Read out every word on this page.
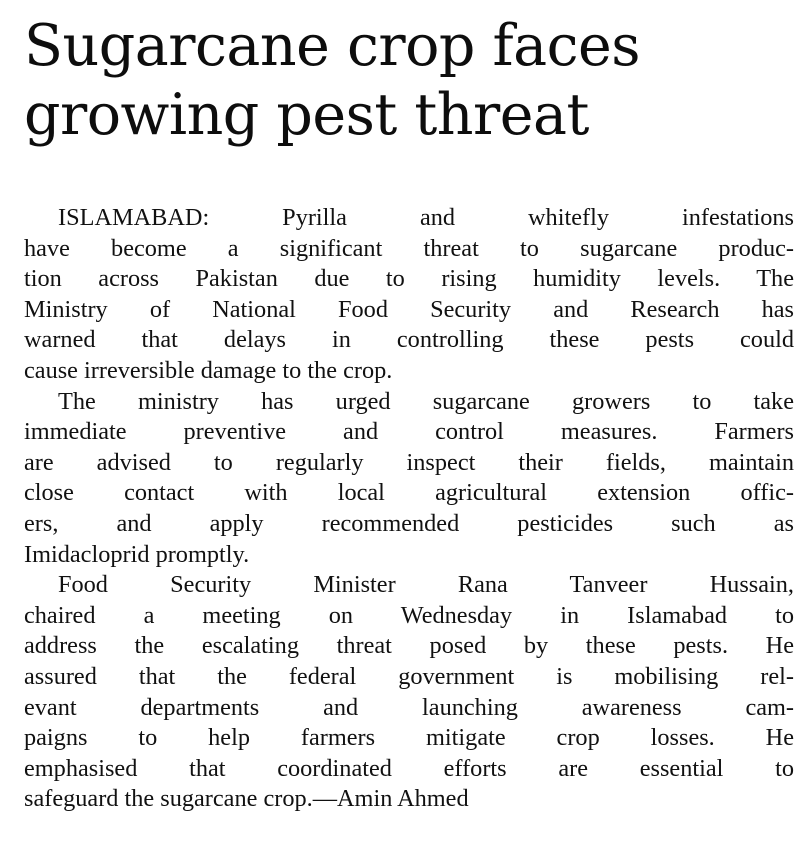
Sugarcane crop faces
growing pest threat
ISLAMABAD: Pyrilla and whitefly infestations
have become a significant threat to sugarcane produc-
tion across Pakistan due to rising humidity levels. The
Ministry of National Food Security and Research has
warned that delays in controlling these pests could
cause irreversible damage to the crop.
The ministry has urged sugarcane growers to take
immediate preventive and control measures. Farmers
are advised to regularly inspect their fields, maintain
close contact with local agricultural extension offic-
ers, and apply recommended pesticides such as
Imidacloprid promptly.
Food Security Minister Rana Tanveer Hussain,
chaired a meeting on Wednesday in Islamabad to
address the escalating threat posed by these pests. He
assured that the federal government is mobilising rel-
evant departments and launching awareness cam-
paigns to help farmers mitigate crop losses. He
emphasised that coordinated efforts are essential to
safeguard the sugarcane crop.—Amin Ahmed
